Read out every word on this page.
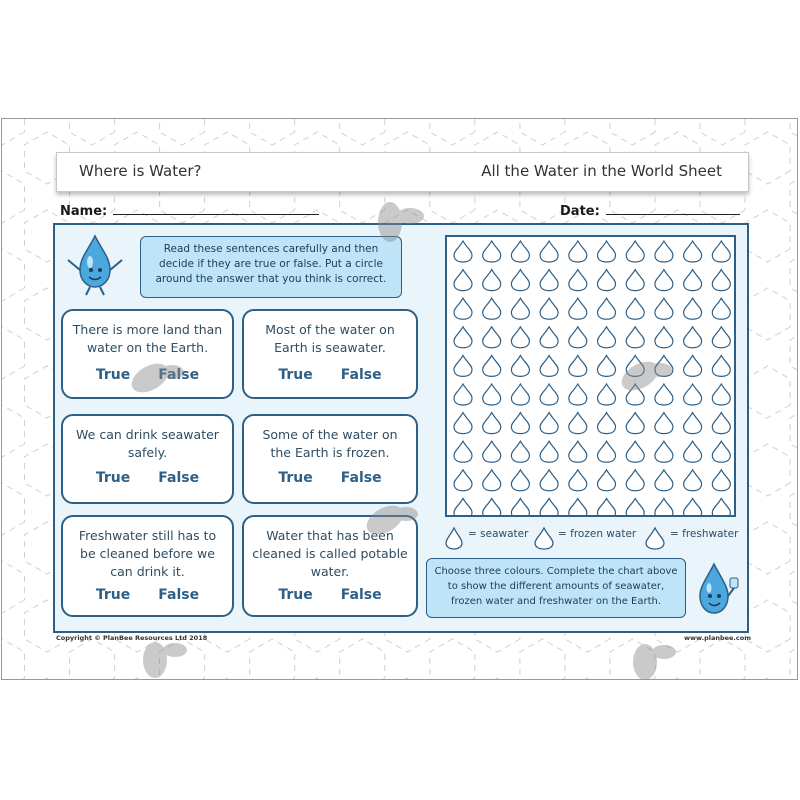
Where is Water?	All the Water in the World Sheet
Name:	Date:
Read these sentences carefully and then decide if they are true or false. Put a circle around the answer that you think is correct.
There is more land than water on the Earth.
True False
Most of the water on Earth is seawater.
True False
We can drink seawater safely.
True False
Some of the water on the Earth is frozen.
True False
Freshwater still has to be cleaned before we can drink it.
True False
Water that has been cleaned is called potable water.
True False
= seawater	= frozen water	= freshwater
Choose three colours. Complete the chart above to show the different amounts of seawater, frozen water and freshwater on the Earth.
Copyright © PlanBee Resources Ltd 2018	www.planbee.com
